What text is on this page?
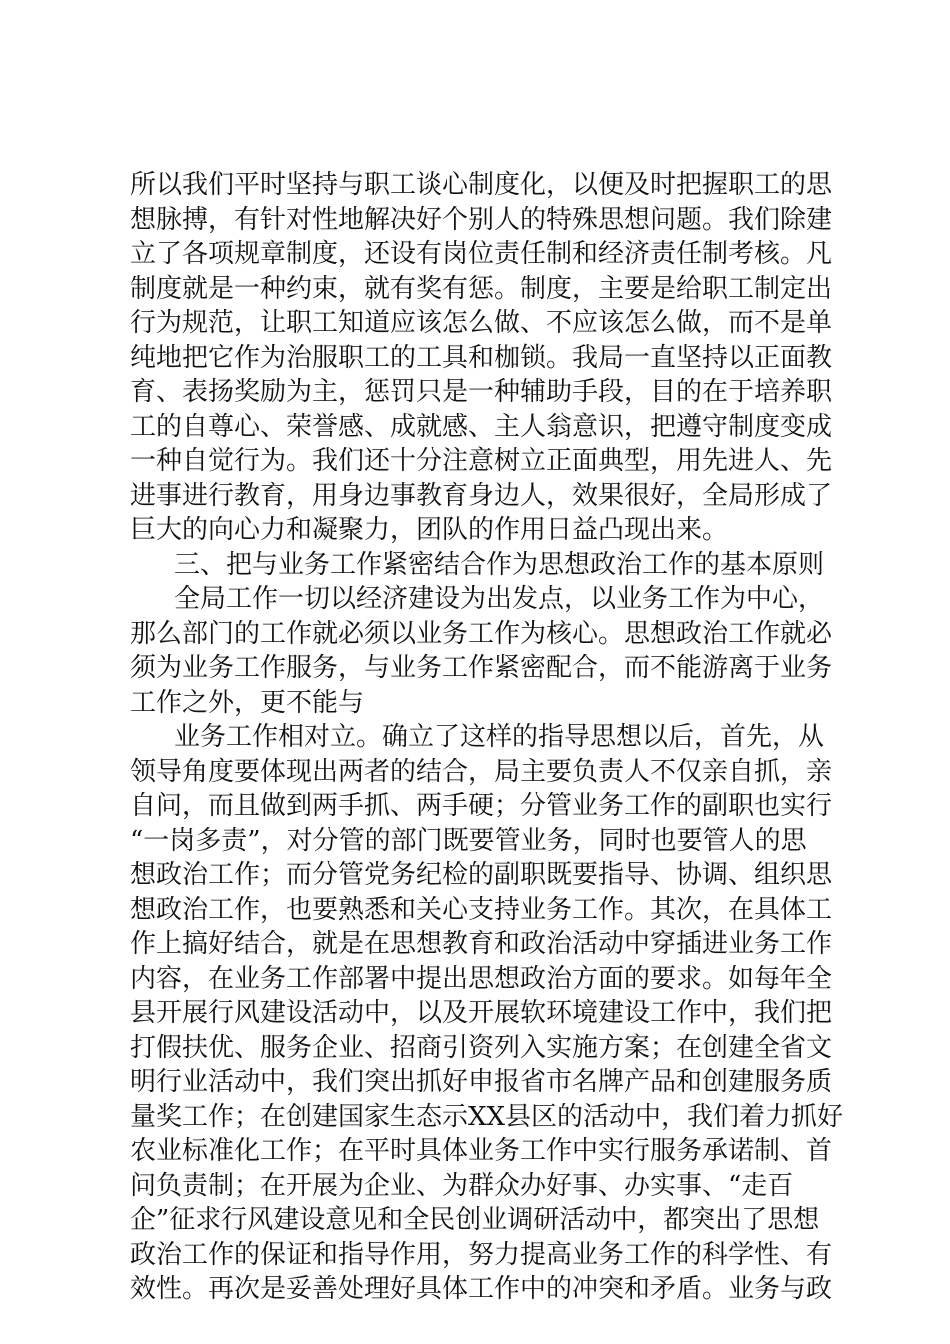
所以我们平时坚持与职工谈心制度化，以便及时把握职工的思
想脉搏，有针对性地解决好个别人的特殊思想问题。我们除建
立了各项规章制度，还设有岗位责任制和经济责任制考核。凡
制度就是一种约束，就有奖有惩。制度，主要是给职工制定出
行为规范，让职工知道应该怎么做、不应该怎么做，而不是单
纯地把它作为治服职工的工具和枷锁。我局一直坚持以正面教
育、表扬奖励为主，惩罚只是一种辅助手段，目的在于培养职
工的自尊心、荣誉感、成就感、主人翁意识，把遵守制度变成
一种自觉行为。我们还十分注意树立正面典型，用先进人、先
进事进行教育，用身边事教育身边人，效果很好，全局形成了
巨大的向心力和凝聚力，团队的作用日益凸现出来。
三、把与业务工作紧密结合作为思想政治工作的基本原则
全局工作一切以经济建设为出发点，以业务工作为中心，
那么部门的工作就必须以业务工作为核心。思想政治工作就必
须为业务工作服务，与业务工作紧密配合，而不能游离于业务
工作之外，更不能与
业务工作相对立。确立了这样的指导思想以后，首先，从
领导角度要体现出两者的结合，局主要负责人不仅亲自抓，亲
自问，而且做到两手抓、两手硬；分管业务工作的副职也实行
“一岗多责”，对分管的部门既要管业务，同时也要管人的思
想政治工作；而分管党务纪检的副职既要指导、协调、组织思
想政治工作，也要熟悉和关心支持业务工作。其次，在具体工
作上搞好结合，就是在思想教育和政治活动中穿插进业务工作
内容，在业务工作部署中提出思想政治方面的要求。如每年全
县开展行风建设活动中，以及开展软环境建设工作中，我们把
打假扶优、服务企业、招商引资列入实施方案；在创建全省文
明行业活动中，我们突出抓好申报省市名牌产品和创建服务质
量奖工作；在创建国家生态示XX县区的活动中，我们着力抓好
农业标准化工作；在平时具体业务工作中实行服务承诺制、首
问负责制；在开展为企业、为群众办好事、办实事、“走百
企”征求行风建设意见和全民创业调研活动中，都突出了思想
政治工作的保证和指导作用，努力提高业务工作的科学性、有
效性。再次是妥善处理好具体工作中的冲突和矛盾。业务与政
